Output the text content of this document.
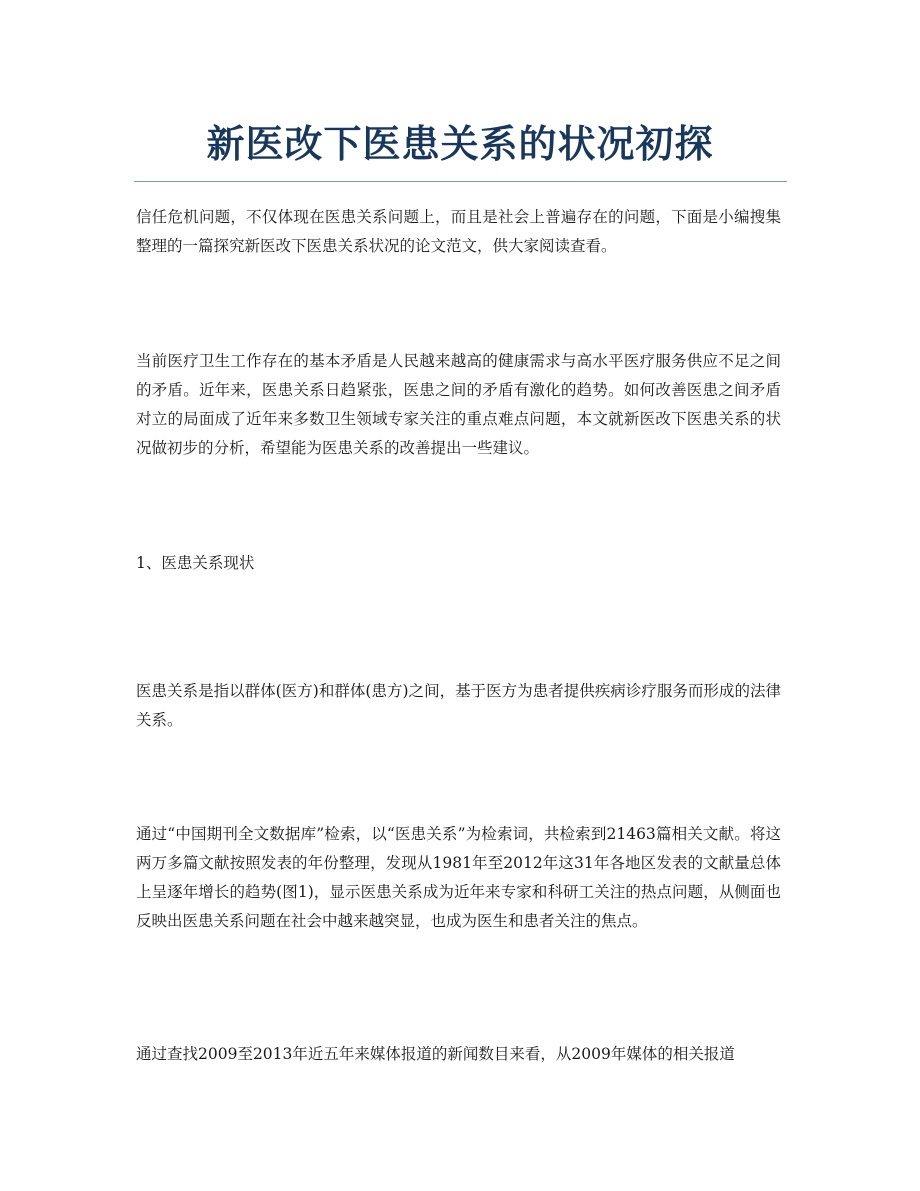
新医改下医患关系的状况初探

信任危机问题，不仅体现在医患关系问题上，而且是社会上普遍存在的问题，下面是小编搜集整理的一篇探究新医改下医患关系状况的论文范文，供大家阅读查看。

当前医疗卫生工作存在的基本矛盾是人民越来越高的健康需求与高水平医疗服务供应不足之间的矛盾。近年来，医患关系日趋紧张，医患之间的矛盾有激化的趋势。如何改善医患之间矛盾对立的局面成了近年来多数卫生领域专家关注的重点难点问题，本文就新医改下医患关系的状况做初步的分析，希望能为医患关系的改善提出一些建议。

1、医患关系现状

医患关系是指以群体(医方)和群体(患方)之间，基于医方为患者提供疾病诊疗服务而形成的法律关系。

通过“中国期刊全文数据库”检索，以“医患关系”为检索词，共检索到21463篇相关文献。将这两万多篇文献按照发表的年份整理，发现从1981年至2012年这31年各地区发表的文献量总体上呈逐年增长的趋势(图1)，显示医患关系成为近年来专家和科研工关注的热点问题，从侧面也反映出医患关系问题在社会中越来越突显，也成为医生和患者关注的焦点。

通过查找2009至2013年近五年来媒体报道的新闻数目来看，从2009年媒体的相关报道
